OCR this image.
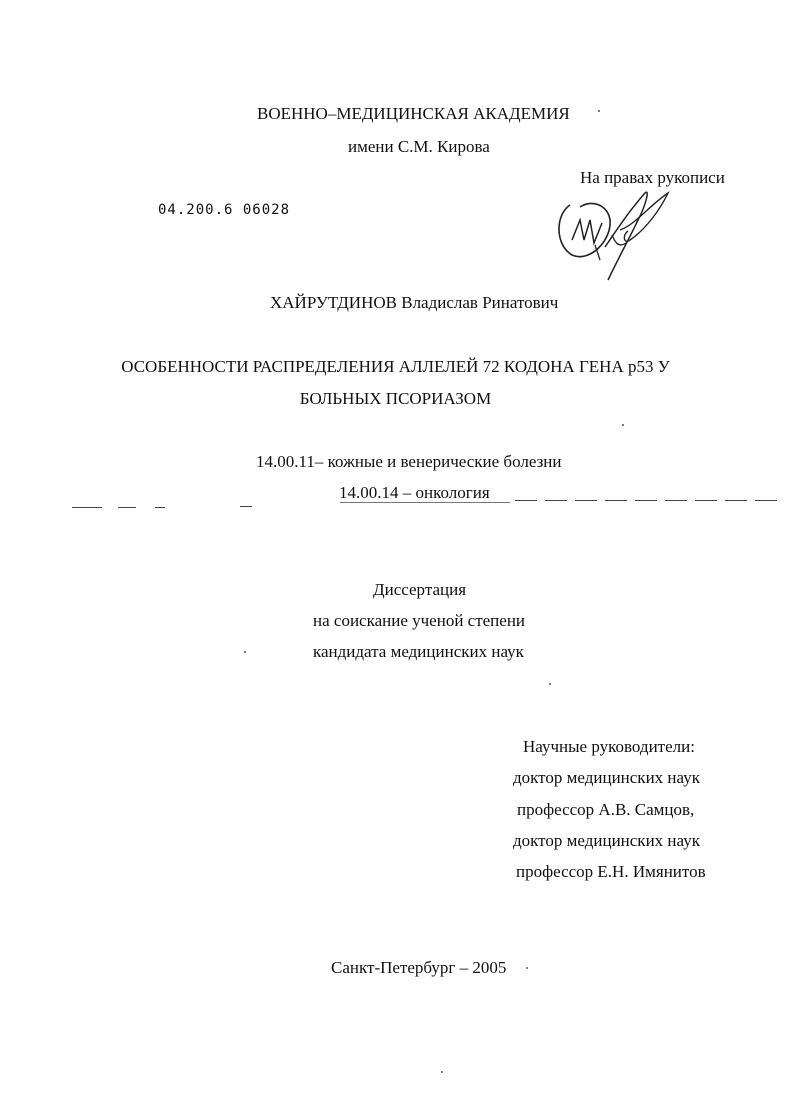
ВОЕННО–МЕДИЦИНСКАЯ АКАДЕМИЯ
имени С.М. Кирова
На правах рукописи
04.200.6 06028
ХАЙРУТДИНОВ Владислав Ринатович
ОСОБЕННОСТИ РАСПРЕДЕЛЕНИЯ АЛЛЕЛЕЙ 72 КОДОНА ГЕНА p53 У
БОЛЬНЫХ ПСОРИАЗОМ
14.00.11– кожные и венерические болезни
14.00.14 – онкология
Диссертация
на соискание ученой степени
кандидата медицинских наук
Научные руководители:
доктор медицинских наук
профессор А.В. Самцов,
доктор медицинских наук
профессор Е.Н. Имянитов
Санкт-Петербург – 2005
